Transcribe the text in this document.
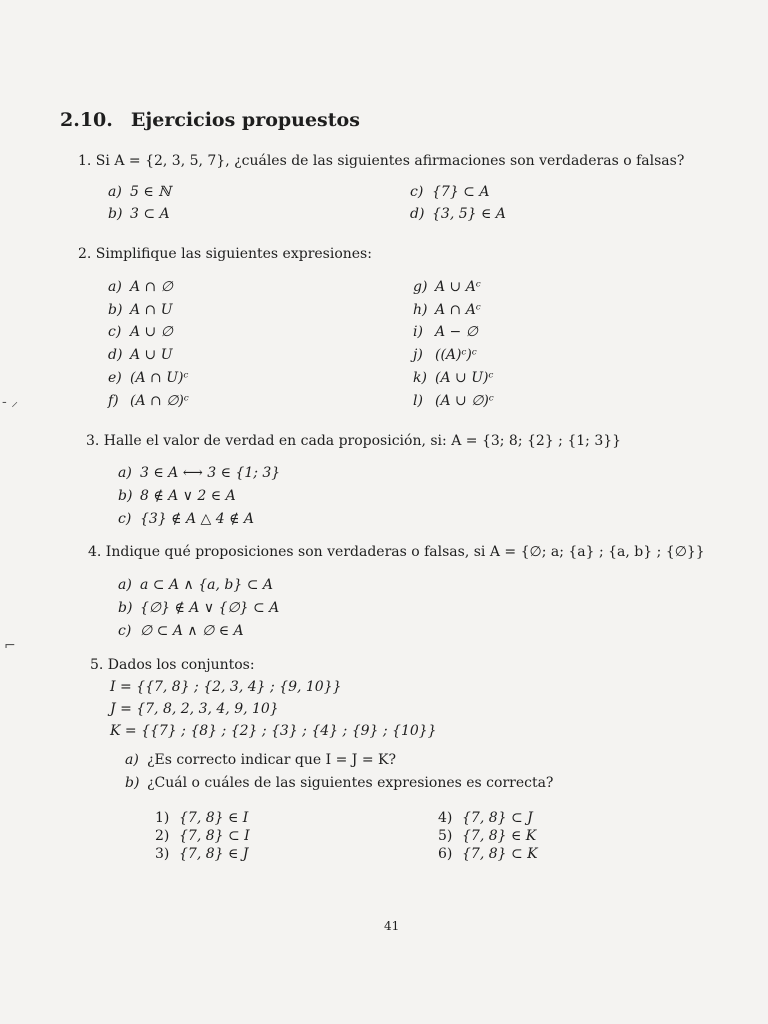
2.10. Ejercicios propuestos
1. Si A = {2, 3, 5, 7}, ¿cuáles de las siguientes afirmaciones son verdaderas o falsas?
a) 5 ∈ ℕ
b) 3 ⊂ A
c) {7} ⊂ A
d) {3, 5} ∈ A
2. Simplifique las siguientes expresiones:
a) A ∩ ∅
b) A ∩ U
c) A ∪ ∅
d) A ∪ U
e) (A ∩ U)ᶜ
f) (A ∩ ∅)ᶜ
g) A ∪ Aᶜ
h) A ∩ Aᶜ
i) A − ∅
j) ((A)ᶜ)ᶜ
k) (A ∪ U)ᶜ
l) (A ∪ ∅)ᶜ
- ⸝
3. Halle el valor de verdad en cada proposición, si: A = {3; 8; {2} ; {1; 3}}
a) 3 ∈ A ⟷ 3 ∈ {1; 3}
b) 8 ∉ A ∨ 2 ∈ A
c) {3} ∉ A △ 4 ∉ A
4. Indique qué proposiciones son verdaderas o falsas, si A = {∅; a; {a} ; {a, b} ; {∅}}
a) a ⊂ A ∧ {a, b} ⊂ A
b) {∅} ∉ A ∨ {∅} ⊂ A
c) ∅ ⊂ A ∧ ∅ ∈ A
⌐
5. Dados los conjuntos:
I = {{7, 8} ; {2, 3, 4} ; {9, 10}}
J = {7, 8, 2, 3, 4, 9, 10}
K = {{7} ; {8} ; {2} ; {3} ; {4} ; {9} ; {10}}
a) ¿Es correcto indicar que I = J = K?
b) ¿Cuál o cuáles de las siguientes expresiones es correcta?
1) {7, 8} ∈ I
2) {7, 8} ⊂ I
3) {7, 8} ∈ J
4) {7, 8} ⊂ J
5) {7, 8} ∈ K
6) {7, 8} ⊂ K
41
